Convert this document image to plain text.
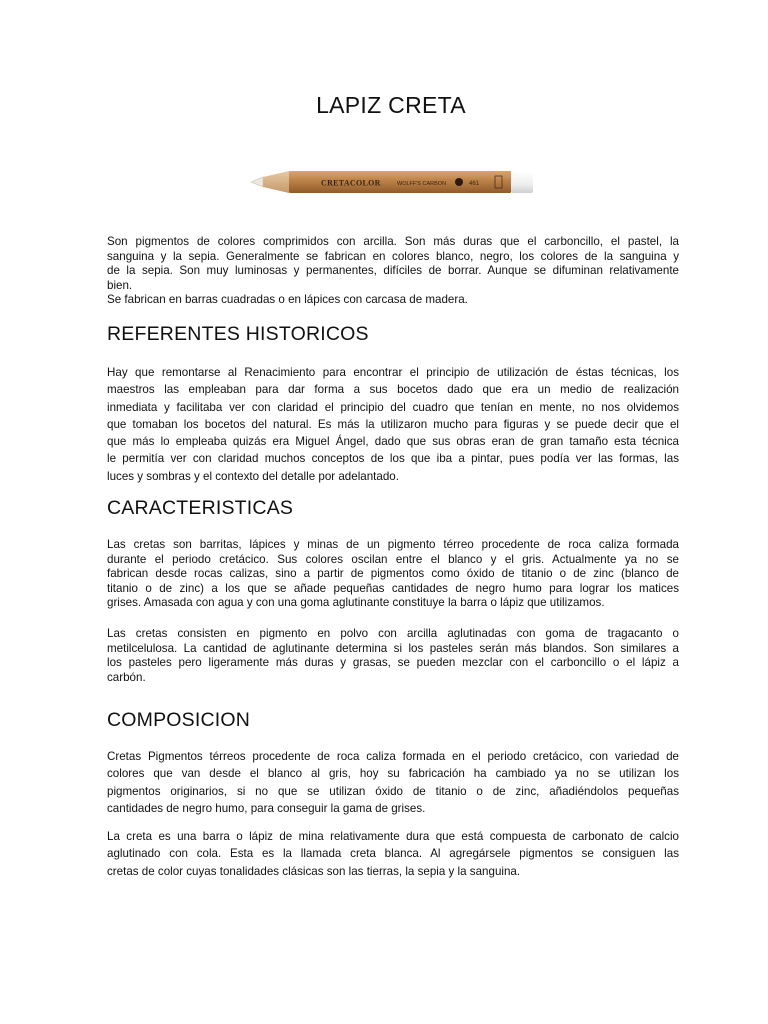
LAPIZ CRETA
CRETACOLOR	WOLFF'S CARBON	461
Son pigmentos de colores comprimidos con arcilla. Son más duras que el carboncillo, el pastel, la
sanguina y la sepia. Generalmente se fabrican en colores blanco, negro, los colores de la sanguina y
de la sepia. Son muy luminosas y permanentes, difíciles de borrar. Aunque se difuminan relativamente
bien.
Se fabrican en barras cuadradas o en lápices con carcasa de madera.
REFERENTES HISTORICOS
Hay que remontarse al Renacimiento para encontrar el principio de utilización de éstas técnicas, los
maestros las empleaban para dar forma a sus bocetos dado que era un medio de realización
inmediata y facilitaba ver con claridad el principio del cuadro que tenían en mente, no nos olvidemos
que tomaban los bocetos del natural. Es más la utilizaron mucho para figuras y se puede decir que el
que más lo empleaba quizás era Miguel Ángel, dado que sus obras eran de gran tamaño esta técnica
le permitía ver con claridad muchos conceptos de los que iba a pintar, pues podía ver las formas, las
luces y sombras y el contexto del detalle por adelantado.
CARACTERISTICAS
Las cretas son barritas, lápices y minas de un pigmento térreo procedente de roca caliza formada
durante el periodo cretácico. Sus colores oscilan entre el blanco y el gris. Actualmente ya no se
fabrican desde rocas calizas, sino a partir de pigmentos como óxido de titanio o de zinc (blanco de
titanio o de zinc) a los que se añade pequeñas cantidades de negro humo para lograr los matices
grises. Amasada con agua y con una goma aglutinante constituye la barra o lápiz que utilizamos.
Las cretas consisten en pigmento en polvo con arcilla aglutinadas con goma de tragacanto o
metilcelulosa. La cantidad de aglutinante determina si los pasteles serán más blandos. Son similares a
los pasteles pero ligeramente más duras y grasas, se pueden mezclar con el carboncillo o el lápiz a
carbón.
COMPOSICION
Cretas Pigmentos térreos procedente de roca caliza formada en el periodo cretácico, con variedad de
colores que van desde el blanco al gris, hoy su fabricación ha cambiado ya no se utilizan los
pigmentos originarios, si no que se utilizan óxido de titanio o de zinc, añadiéndolos pequeñas
cantidades de negro humo, para conseguir la gama de grises.
La creta es una barra o lápiz de mina relativamente dura que está compuesta de carbonato de calcio
aglutinado con cola. Esta es la llamada creta blanca. Al agregársele pigmentos se consiguen las
cretas de color cuyas tonalidades clásicas son las tierras, la sepia y la sanguina.
